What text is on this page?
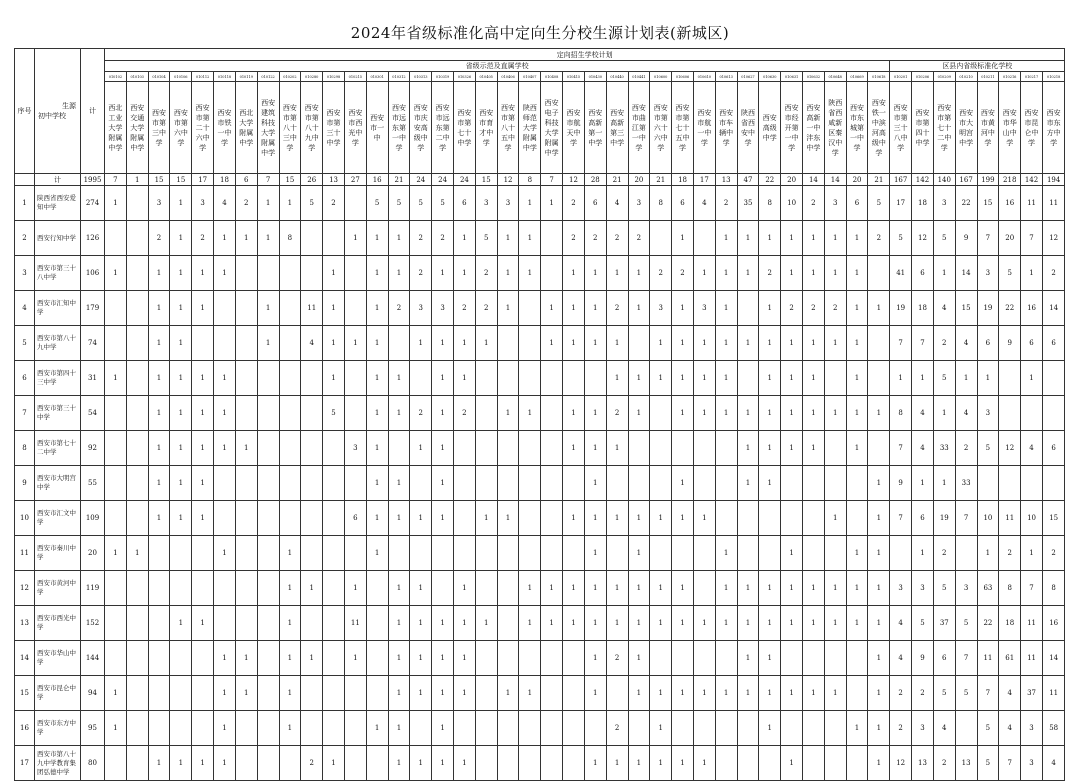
2024年省级标准化高中定向生分校生源计划表(新城区)
序号	生源
初中学校	计	定向招生学校计划																																											
			省级示范及直属学校																																				区县内省级标准化学校							
			010102	010103	010104	010106	010112	010118	010119	010122	010202	010280	010298	010215	010301	010312	010313	010319	010326	010405	010406	010407	010408	010415	010430	010440	010441	010600	010606	010610	010613	010627	010630	010631	010632	010648	010669	010618	010201	010206	010209	010210	010211	010216	010217	010218
			西北工业大学附属中学	西安交通大学附属中学	西安市第三中学	西安市第六中学	西安市第二十六中学	西安市铁一中学	西北大学附属中学	西安建筑科技大学附属中学	西安市第八十三中学	西安市第八十九中学	西安市第三十中学	西安市西光中学	西安市一中	西安市远东第一中学	西安市庆安高级中学	西安市远东第二中学	西安市第七十中学	西安市育才中学	西安市第八十五中学	陕西师范大学附属中学	西安电子科技大学附属中学	西安市航天中学	西安高新第一中学	西安高新第三中学	西安市曲江第一中学	西安市第六十六中学	西安市第七十五中学	西安市航一中学	西安市车辆中学	陕西省西安中学	西安高级中学	西安市经开第一中学	西安高新一中沣东中学	陕西省西咸新区秦汉中学	西安市东城第一中学	西安铁一中滨河高级中学	西安市第三十八中学	西安市第四十中学	西安市第七十二中学	西安市大明宫中学	西安市黄河中学	西安市华山中学	西安市昆仑中学	西安市东方中学
	计	1995	7	1	15	15	17	18	6	7	15	26	13	27	16	21	24	24	24	15	12	8	7	12	28	21	20	21	18	17	13	47	22	20	14	14	20	21	167	142	140	167	199	218	142	194
1	陕西省西安爱知中学	274	1		3	1	3	4	2	1	1	5	2		5	5	5	5	6	3	3	1	1	2	6	4	3	8	6	4	2	35	8	10	2	3	6	5	17	18	3	22	15	16	11	11
2	西安行知中学	126			2	1	2	1	1	1	8			1	1	1	2	2	1	5	1	1		2	2	2	2		1		1	1	1	1	1	1	1	2	5	12	5	9	7	20	7	12
3	西安市第三十八中学	106	1		1	1	1	1					1		1	1	2	1	1	2	1	1		1	1	1	1	2	2	1	1	1	2	1	1	1	1		41	6	1	14	3	5	1	2
4	西安市汇知中学	179			1	1	1			1		11	1		1	2	3	3	2	2	1		1	1	1	2	1	3	1	3	1		1	2	2	2	1	1	19	18	4	15	19	22	16	14
5	西安市第八十九中学	74			1	1				1		4	1	1	1		1	1	1	1			1	1	1	1		1	1	1	1	1	1	1	1	1	1		7	7	2	4	6	9	6	6
6	西安市第四十三中学	31	1		1	1	1	1					1		1	1		1	1							1	1	1	1	1	1		1	1	1		1		1	1	5	1	1		1	
7	西安市第三十中学	54			1	1	1	1					5		1	1	2	1	2		1	1		1	1	2	1		1	1	1	1	1	1	1	1	1	1	8	4	1	4	3			
8	西安市第七十二中学	92			1	1	1	1	1					3	1		1	1						1	1	1						1	1	1	1		1		7	4	33	2	5	12	4	6
9	西安市大明宫中学	55			1	1	1								1	1		1							1				1			1	1					1	9	1	1	33				
10	西安市汇文中学	109			1	1	1							6	1	1	1	1		1	1			1	1	1	1	1	1	1						1		1	7	6	19	7	10	11	10	15
11	西安市秦川中学	20	1	1				1			1				1										1		1				1			1			1	1		1	2		1	2	1	2
12	西安市黄河中学	119									1	1		1		1	1		1			1	1	1	1	1	1	1	1		1	1	1	1	1	1	1	1	3	3	5	3	63	8	7	8
13	西安市西光中学	152				1	1				1			11		1	1	1	1	1		1	1	1	1	1	1	1	1	1	1	1	1	1	1	1	1	1	4	5	37	5	22	18	11	16
14	西安市华山中学	144						1	1		1	1		1		1	1	1	1						1	2	1					1	1					1	4	9	6	7	11	61	11	14
15	西安市昆仑中学	94	1					1	1		1					1	1	1	1		1	1			1		1	1	1	1	1	1	1	1	1	1		1	2	2	5	5	7	4	37	11
16	西安市东方中学	95	1					1			1				1	1		1								2		1					1				1	1	2	3	4		5	4	3	58
17	西安市第八十九中学教育集团弘德中学	80			1	1	1	1				2	1			1	1	1	1						1	1	1	1	1	1				1				1	12	13	2	13	5	7	3	4
